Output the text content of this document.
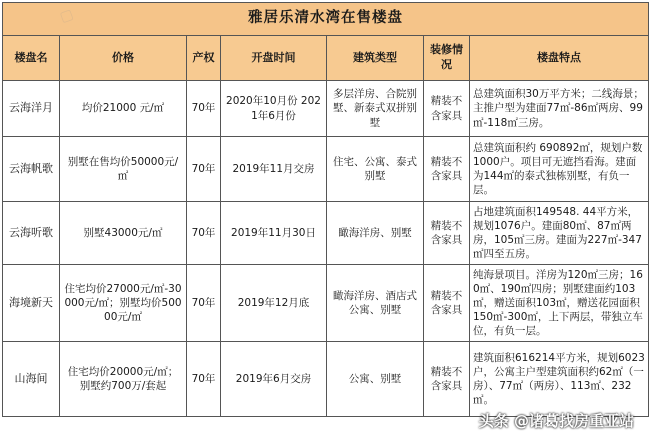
雅居乐清水湾在售楼盘						
楼盘名	价格	产权	开盘时间	建筑类型	装修情况	楼盘特点
云海洋月	均价21000 元/㎡	70年	2020年10月份 2021年6月份	多层洋房、合院别墅、新泰式双拼别墅	精装不含家具	总建筑面积30万平方米；二线海景；主推户型为建面77㎡-86㎡两房、99㎡-118㎡三房。
云海帆歌	别墅在售均价50000元/㎡	70年	2019年11月交房	住宅、公寓、泰式别墅	精装不含家具	总建筑面积约 690892㎡，规划户数1000户。项目可无遮挡看海。建面为144㎡的泰式独栋别墅，有负一层。
云海听歌	别墅43000元/㎡	70年	2019年11月30日	瞰海洋房、别墅	精装不含家具	占地建筑面积149548. 44平方米，规划1076户。建面80㎡、87㎡两房，105㎡三房。建面为227㎡-347㎡四至五房。
海境新天	住宅均价27000元/㎡-30000元/㎡；别墅均价50000元/㎡	70年	2019年12月底	瞰海洋房、酒店式公寓、别墅	精装不含家具	纯海景项目。洋房为120㎡三房；160㎡、190㎡四房；别墅建面约103㎡，赠送面积103㎡，赠送花园面积150㎡-300㎡，上下两层，带独立车位，有负一层。
山海间	住宅均价20000元/㎡；别墅约700万/套起	70年	2019年6月交房	公寓、别墅	精装不含家具	建筑面积616214平方米，规划6023户，公寓主户型建筑面积约62㎡（一房）、77㎡（两房）、113㎡、232㎡。
头条 @诸葛找房重亚站
